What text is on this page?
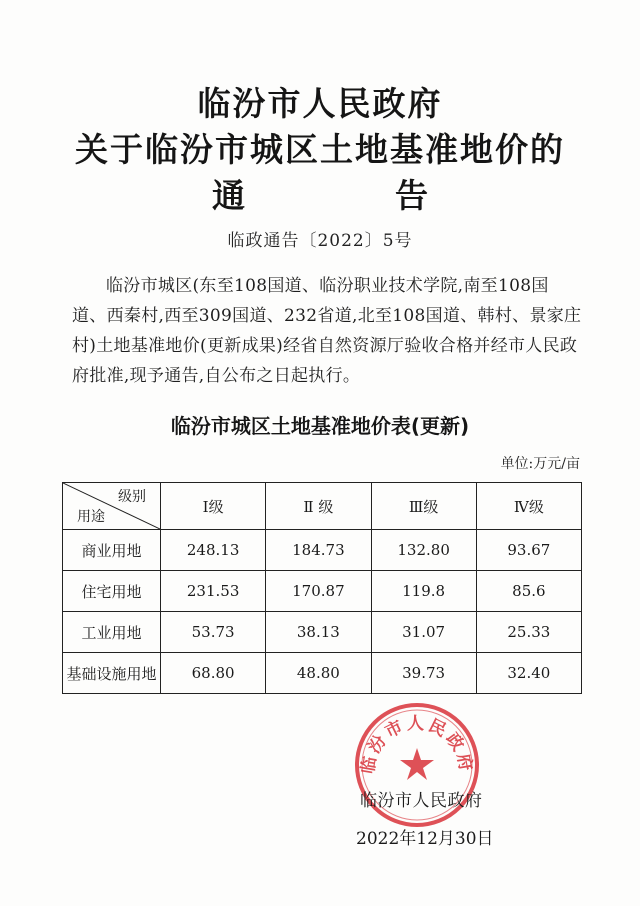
临汾市人民政府
关于临汾市城区土地基准地价的
通	告
临政通告〔2022〕5号
临汾市城区(东至108国道、临汾职业技术学院,南至108国道、西秦村,西至309国道、232省道,北至108国道、韩村、景家庄村)土地基准地价(更新成果)经省自然资源厅验收合格并经市人民政府批准,现予通告,自公布之日起执行。
临汾市城区土地基准地价表(更新)
单位:万元/亩
级别
用途	Ⅰ级	Ⅱ 级	Ⅲ级	Ⅳ级
商业用地	248.13	184.73	132.80	93.67
住宅用地	231.53	170.87	119.8	85.6
工业用地	53.73	38.13	31.07	25.33
基础设施用地	68.80	48.80	39.73	32.40
临汾市人民政府
临汾市人民政府
2022年12月30日
